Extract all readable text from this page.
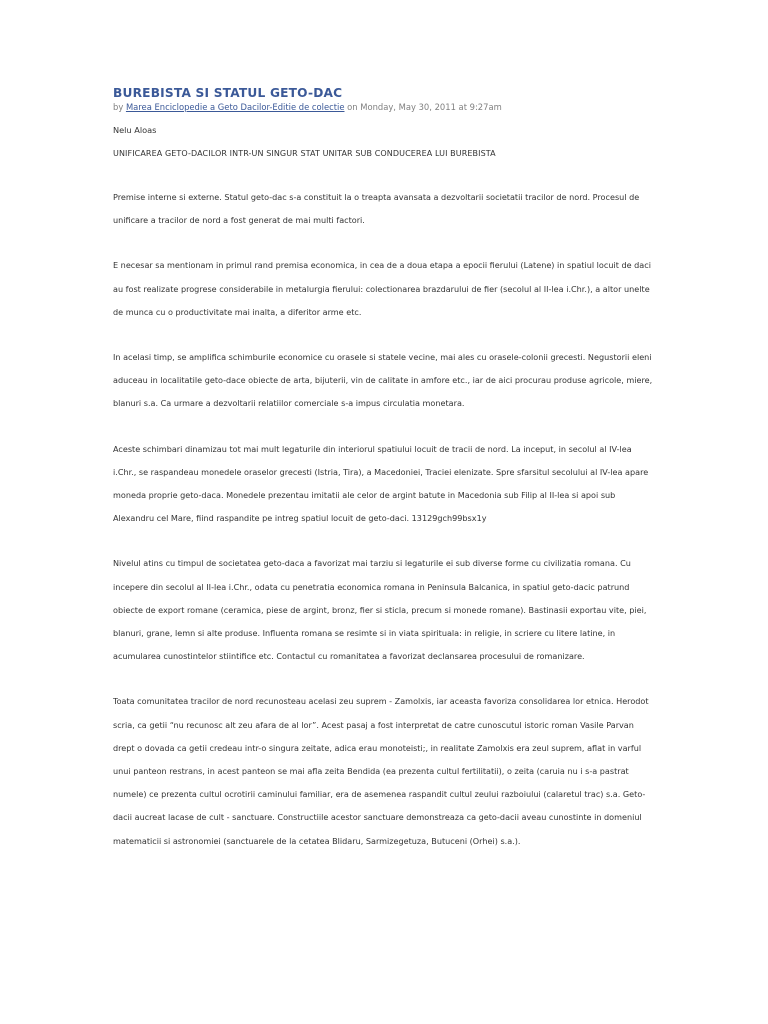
BUREBISTA SI STATUL GETO-DAC
by Marea Enciclopedie a Geto Dacilor-Editie de colectie on Monday, May 30, 2011 at 9:27am
Nelu Aloas
UNIFICAREA GETO-DACILOR INTR-UN SINGUR STAT UNITAR SUB CONDUCEREA LUI BUREBISTA

Premise interne si externe. Statul geto-dac s-a constituit la o treapta avansata a dezvoltarii societatii tracilor de nord. Procesul de unificare a tracilor de nord a fost generat de mai multi factori.

E necesar sa mentionam in primul rand premisa economica, in cea de a doua etapa a epocii fierului (Latene) in spatiul locuit de daci au fost realizate progrese considerabile in metalurgia fierului: colectionarea brazdarului de fier (secolul al II-lea i.Chr.), a altor unelte de munca cu o productivitate mai inalta, a diferitor arme etc.

In acelasi timp, se amplifica schimburile economice cu orasele si statele vecine, mai ales cu orasele-colonii grecesti. Negustorii eleni aduceau in localitatile geto-dace obiecte de arta, bijuterii, vin de calitate in amfore etc., iar de aici procurau produse agricole, miere, blanuri s.a. Ca urmare a dezvoltarii relatiilor comerciale s-a impus circulatia monetara.

Aceste schimbari dinamizau tot mai mult legaturile din interiorul spatiului locuit de tracii de nord. La inceput, in secolul al IV-lea i.Chr., se raspandeau monedele oraselor grecesti (Istria, Tira), a Macedoniei, Traciei elenizate. Spre sfarsitul secolului al IV-lea apare moneda proprie geto-daca. Monedele prezentau imitatii ale celor de argint batute in Macedonia sub Filip al II-lea si apoi sub Alexandru cel Mare, fiind raspandite pe intreg spatiul locuit de geto-daci. 13129gch99bsx1y

Nivelul atins cu timpul de societatea geto-daca a favorizat mai tarziu si legaturile ei sub diverse forme cu civilizatia romana. Cu incepere din secolul al II-lea i.Chr., odata cu penetratia economica romana in Peninsula Balcanica, in spatiul geto-dacic patrund obiecte de export romane (ceramica, piese de argint, bronz, fier si sticla, precum si monede romane). Bastinasii exportau vite, piei, blanuri, grane, lemn si alte produse. Influenta romana se resimte si in viata spirituala: in religie, in scriere cu litere latine, in acumularea cunostintelor stiintifice etc. Contactul cu romanitatea a favorizat declansarea procesului de romanizare.

Toata comunitatea tracilor de nord recunosteau acelasi zeu suprem - Zamolxis, iar aceasta favoriza consolidarea lor etnica. Herodot scria, ca getii “nu recunosc alt zeu afara de al lor”. Acest pasaj a fost interpretat de catre cunoscutul istoric roman Vasile Parvan drept o dovada ca getii credeau intr-o singura zeitate, adica erau monoteisti;, in realitate Zamolxis era zeul suprem, aflat in varful unui panteon restrans, in acest panteon se mai afla zeita Bendida (ea prezenta cultul fertilitatii), o zeita (caruia nu i s-a pastrat numele) ce prezenta cultul ocrotirii caminului familiar, era de asemenea raspandit cultul zeului razboiului (calaretul trac) s.a. Geto-dacii aucreat lacase de cult - sanctuare. Constructiile acestor sanctuare demonstreaza ca geto-dacii aveau cunostinte in domeniul matematicii si astronomiei (sanctuarele de la cetatea Blidaru, Sarmizegetuza, Butuceni (Orhei) s.a.).
